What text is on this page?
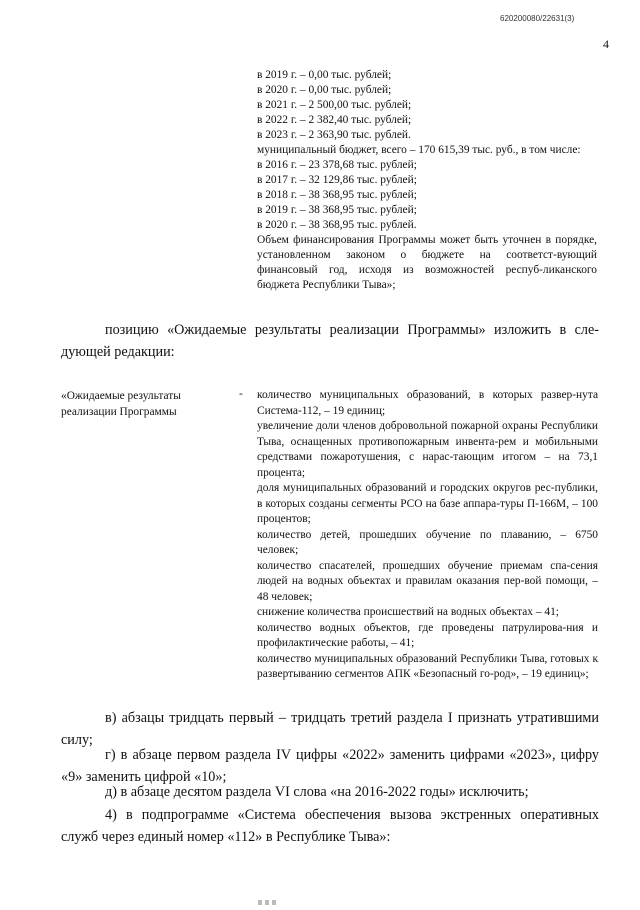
620200080/22631(3)
4
в 2019 г. – 0,00 тыс. рублей;
в 2020 г. – 0,00 тыс. рублей;
в 2021 г. – 2 500,00 тыс. рублей;
в 2022 г. – 2 382,40 тыс. рублей;
в 2023 г. – 2 363,90 тыс. рублей.
муниципальный бюджет, всего – 170 615,39 тыс. руб., в том числе:
в 2016 г. – 23 378,68 тыс. рублей;
в 2017 г. – 32 129,86 тыс. рублей;
в 2018 г. – 38 368,95 тыс. рублей;
в 2019 г. – 38 368,95 тыс. рублей;
в 2020 г. – 38 368,95 тыс. рублей.
Объем финансирования Программы может быть уточнен в порядке, установленном законом о бюджете на соответст-вующий финансовый год, исходя из возможностей респуб-ликанского бюджета Республики Тыва»;
позицию «Ожидаемые результаты реализации Программы» изложить в сле-дующей редакции:
«Ожидаемые результаты реализации Программы
- количество муниципальных образований, в которых развер-нута Система-112, – 19 единиц;
увеличение доли членов добровольной пожарной охраны Республики Тыва, оснащенных противопожарным инвента-рем и мобильными средствами пожаротушения, с нарас-тающим итогом – на 73,1 процента;
доля муниципальных образований и городских округов рес-публики, в которых созданы сегменты РСО на базе аппара-туры П-166М, – 100 процентов;
количество детей, прошедших обучение по плаванию, – 6750 человек;
количество спасателей, прошедших обучение приемам спа-сения людей на водных объектах и правилам оказания пер-вой помощи, – 48 человек;
снижение количества происшествий на водных объектах – 41;
количество водных объектов, где проведены патрулирова-ния и профилактические работы, – 41;
количество муниципальных образований Республики Тыва, готовых к развертыванию сегментов АПК «Безопасный го-род», – 19 единиц»;
в) абзацы тридцать первый – тридцать третий раздела I признать утратившими силу;
г) в абзаце первом раздела IV цифры «2022» заменить цифрами «2023», цифру «9» заменить цифрой «10»;
д) в абзаце десятом раздела VI слова «на 2016-2022 годы» исключить;
4) в подпрограмме «Система обеспечения вызова экстренных оперативных служб через единый номер «112» в Республике Тыва»:
